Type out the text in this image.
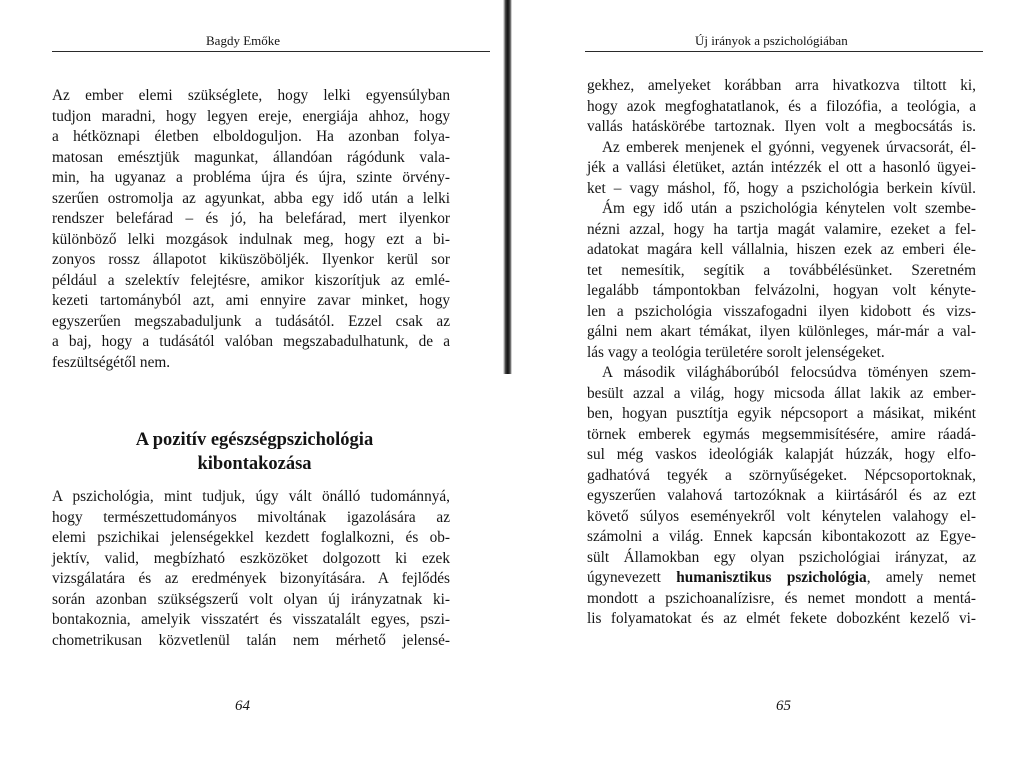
Bagdy Emőke
Az ember elemi szükséglete, hogy lelki egyensúlyban
tudjon maradni, hogy legyen ereje, energiája ahhoz, hogy
a hétköznapi életben elboldoguljon. Ha azonban folya-
matosan emésztjük magunkat, állandóan rágódunk vala-
min, ha ugyanaz a probléma újra és újra, szinte örvény-
szerűen ostromolja az agyunkat, abba egy idő után a lelki
rendszer belefárad – és jó, ha belefárad, mert ilyenkor
különböző lelki mozgások indulnak meg, hogy ezt a bi-
zonyos rossz állapotot kiküszöböljék. Ilyenkor kerül sor
például a szelektív felejtésre, amikor kiszorítjuk az emlé-
kezeti tartományból azt, ami ennyire zavar minket, hogy
egyszerűen megszabaduljunk a tudásától. Ezzel csak az
a baj, hogy a tudásától valóban megszabadulhatunk, de a
feszültségétől nem.
A pozitív egészségpszichológia
kibontakozása
A pszichológia, mint tudjuk, úgy vált önálló tudománnyá,
hogy természettudományos mivoltának igazolására az
elemi pszichikai jelenségekkel kezdett foglalkozni, és ob-
jektív, valid, megbízható eszközöket dolgozott ki ezek
vizsgálatára és az eredmények bizonyítására. A fejlődés
során azonban szükségszerű volt olyan új irányzatnak ki-
bontakoznia, amelyik visszatért és visszatalált egyes, pszi-
chometrikusan közvetlenül talán nem mérhető jelensé-
64
Új irányok a pszichológiában
gekhez, amelyeket korábban arra hivatkozva tiltott ki,
hogy azok megfoghatatlanok, és a filozófia, a teológia, a
vallás hatáskörébe tartoznak. Ilyen volt a megbocsátás is.
Az emberek menjenek el gyónni, vegyenek úrvacsorát, él-
jék a vallási életüket, aztán intézzék el ott a hasonló ügyei-
ket – vagy máshol, fő, hogy a pszichológia berkein kívül.
Ám egy idő után a pszichológia kénytelen volt szembe-
nézni azzal, hogy ha tartja magát valamire, ezeket a fel-
adatokat magára kell vállalnia, hiszen ezek az emberi éle-
tet nemesítik, segítik a továbbélésünket. Szeretném
legalább támpontokban felvázolni, hogyan volt kényte-
len a pszichológia visszafogadni ilyen kidobott és vizs-
gálni nem akart témákat, ilyen különleges, már-már a val-
lás vagy a teológia területére sorolt jelenségeket.
A második világháborúból felocsúdva töményen szem-
besült azzal a világ, hogy micsoda állat lakik az ember-
ben, hogyan pusztítja egyik népcsoport a másikat, miként
törnek emberek egymás megsemmisítésére, amire ráadá-
sul még vaskos ideológiák kalapját húzzák, hogy elfo-
gadhatóvá tegyék a szörnyűségeket. Népcsoportoknak,
egyszerűen valahová tartozóknak a kiirtásáról és az ezt
követő súlyos eseményekről volt kénytelen valahogy el-
számolni a világ. Ennek kapcsán kibontakozott az Egye-
sült Államokban egy olyan pszichológiai irányzat, az
úgynevezett humanisztikus pszichológia, amely nemet
mondott a pszichoanalízisre, és nemet mondott a mentá-
lis folyamatokat és az elmét fekete dobozként kezelő vi-
65
